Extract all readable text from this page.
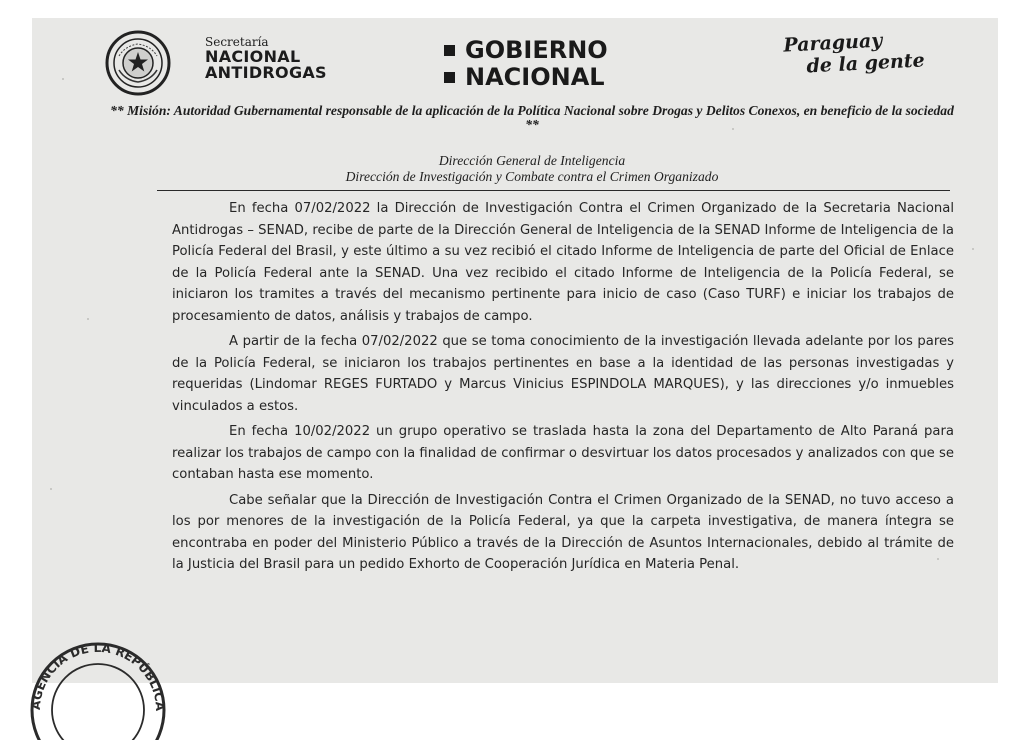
Secretaría
NACIONAL
ANTIDROGAS
GOBIERNO
NACIONAL
Paraguay
de la gente
** Misión: Autoridad Gubernamental responsable de la aplicación de la Política Nacional sobre Drogas y Delitos Conexos, en beneficio de la sociedad **
Dirección General de Inteligencia
Dirección de Investigación y Combate contra el Crimen Organizado

En fecha 07/02/2022 la Dirección de Investigación Contra el Crimen Organizado de la Secretaria Nacional Antidrogas – SENAD, recibe de parte de la Dirección General de Inteligencia de la SENAD Informe de Inteligencia de la Policía Federal del Brasil, y este último a su vez recibió el citado Informe de Inteligencia de parte del Oficial de Enlace de la Policía Federal ante la SENAD. Una vez recibido el citado Informe de Inteligencia de la Policía Federal, se iniciaron los tramites a través del mecanismo pertinente para inicio de caso (Caso TURF) e iniciar los trabajos de procesamiento de datos, análisis y trabajos de campo.

A partir de la fecha 07/02/2022 que se toma conocimiento de la investigación llevada adelante por los pares de la Policía Federal, se iniciaron los trabajos pertinentes en base a la identidad de las personas investigadas y requeridas (Lindomar REGES FURTADO y Marcus Vinicius ESPINDOLA MARQUES), y las direcciones y/o inmuebles vinculados a estos.

En fecha 10/02/2022 un grupo operativo se traslada hasta la zona del Departamento de Alto Paraná para realizar los trabajos de campo con la finalidad de confirmar o desvirtuar los datos procesados y analizados con que se contaban hasta ese momento.

Cabe señalar que la Dirección de Investigación Contra el Crimen Organizado de la SENAD, no tuvo acceso a los por menores de la investigación de la Policía Federal, ya que la carpeta investigativa, de manera íntegra se encontraba en poder del Ministerio Público a través de la Dirección de Asuntos Internacionales, debido al trámite de la Justicia del Brasil para un pedido Exhorto de Cooperación Jurídica en Materia Penal.

AGENCIA DE LA REPÚBLICA
